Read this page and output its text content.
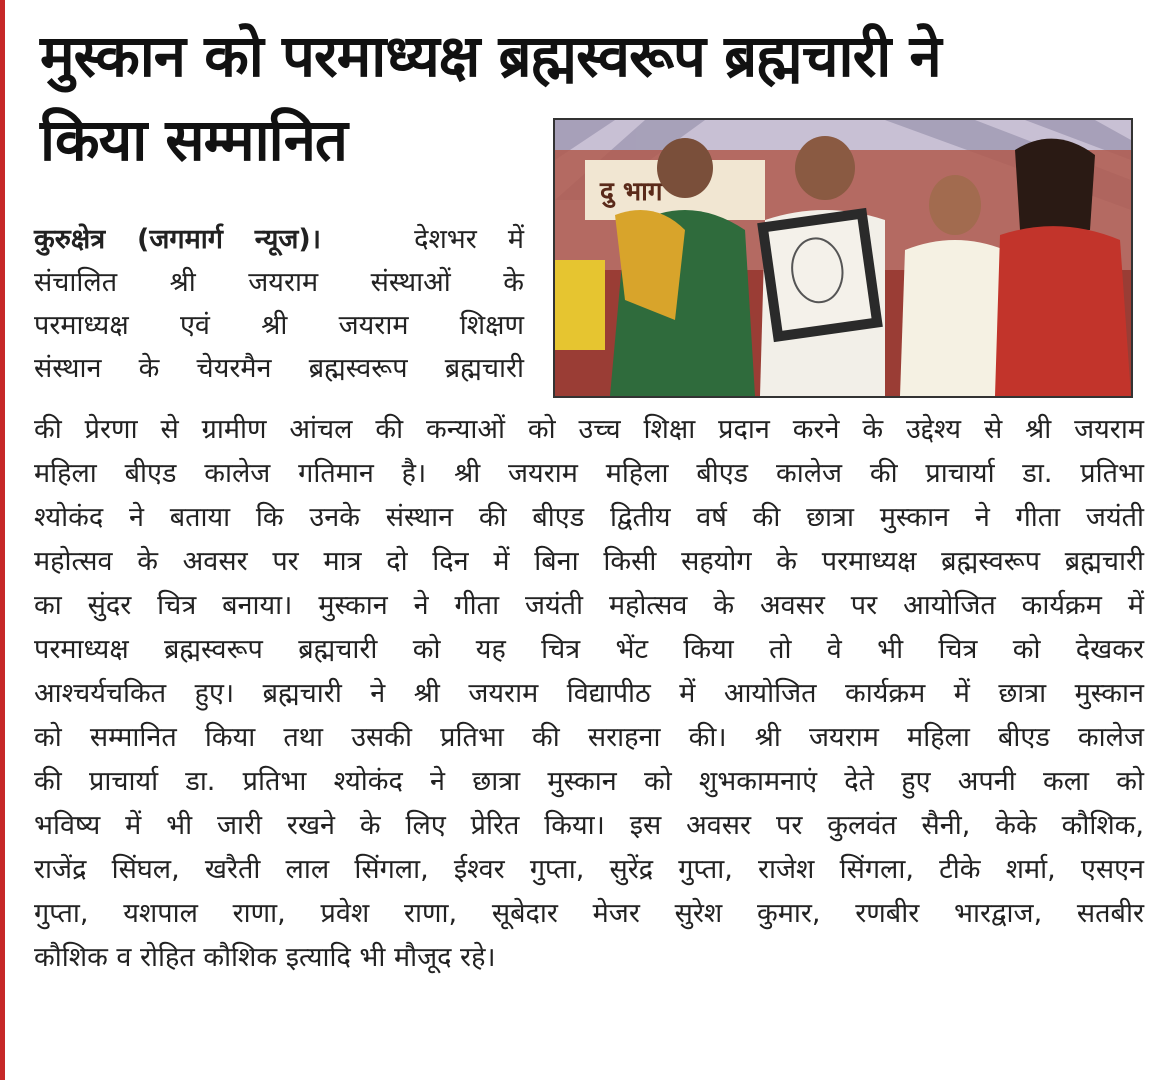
मुस्कान को परमाध्यक्ष ब्रह्मस्वरूप ब्रह्मचारी ने
किया सम्मानित
दु भाग
कुरुक्षेत्र (जगमार्ग न्यूज)।	देशभर में
संचालित श्री जयराम संस्थाओं के
परमाध्यक्ष एवं श्री जयराम शिक्षण
संस्थान के चेयरमैन ब्रह्मस्वरूप ब्रह्मचारी
की प्रेरणा से ग्रामीण आंचल की कन्याओं को उच्च शिक्षा प्रदान करने के उद्देश्य से श्री जयराम
महिला बीएड कालेज गतिमान है। श्री जयराम महिला बीएड कालेज की प्राचार्या डा. प्रतिभा
श्योकंद ने बताया कि उनके संस्थान की बीएड द्वितीय वर्ष की छात्रा मुस्कान ने गीता जयंती
महोत्सव के अवसर पर मात्र दो दिन में बिना किसी सहयोग के परमाध्यक्ष ब्रह्मस्वरूप ब्रह्मचारी
का सुंदर चित्र बनाया। मुस्कान ने गीता जयंती महोत्सव के अवसर पर आयोजित कार्यक्रम में
परमाध्यक्ष ब्रह्मस्वरूप ब्रह्मचारी को यह चित्र भेंट किया तो वे भी चित्र को देखकर
आश्चर्यचकित हुए। ब्रह्मचारी ने श्री जयराम विद्यापीठ में आयोजित कार्यक्रम में छात्रा मुस्कान
को सम्मानित किया तथा उसकी प्रतिभा की सराहना की। श्री जयराम महिला बीएड कालेज
की प्राचार्या डा. प्रतिभा श्योकंद ने छात्रा मुस्कान को शुभकामनाएं देते हुए अपनी कला को
भविष्य में भी जारी रखने के लिए प्रेरित किया। इस अवसर पर कुलवंत सैनी, केके कौशिक,
राजेंद्र सिंघल, खरैती लाल सिंगला, ईश्वर गुप्ता, सुरेंद्र गुप्ता, राजेश सिंगला, टीके शर्मा, एसएन
गुप्ता, यशपाल राणा, प्रवेश राणा, सूबेदार मेजर सुरेश कुमार, रणबीर भारद्वाज, सतबीर
कौशिक व रोहित कौशिक इत्यादि भी मौजूद रहे।
